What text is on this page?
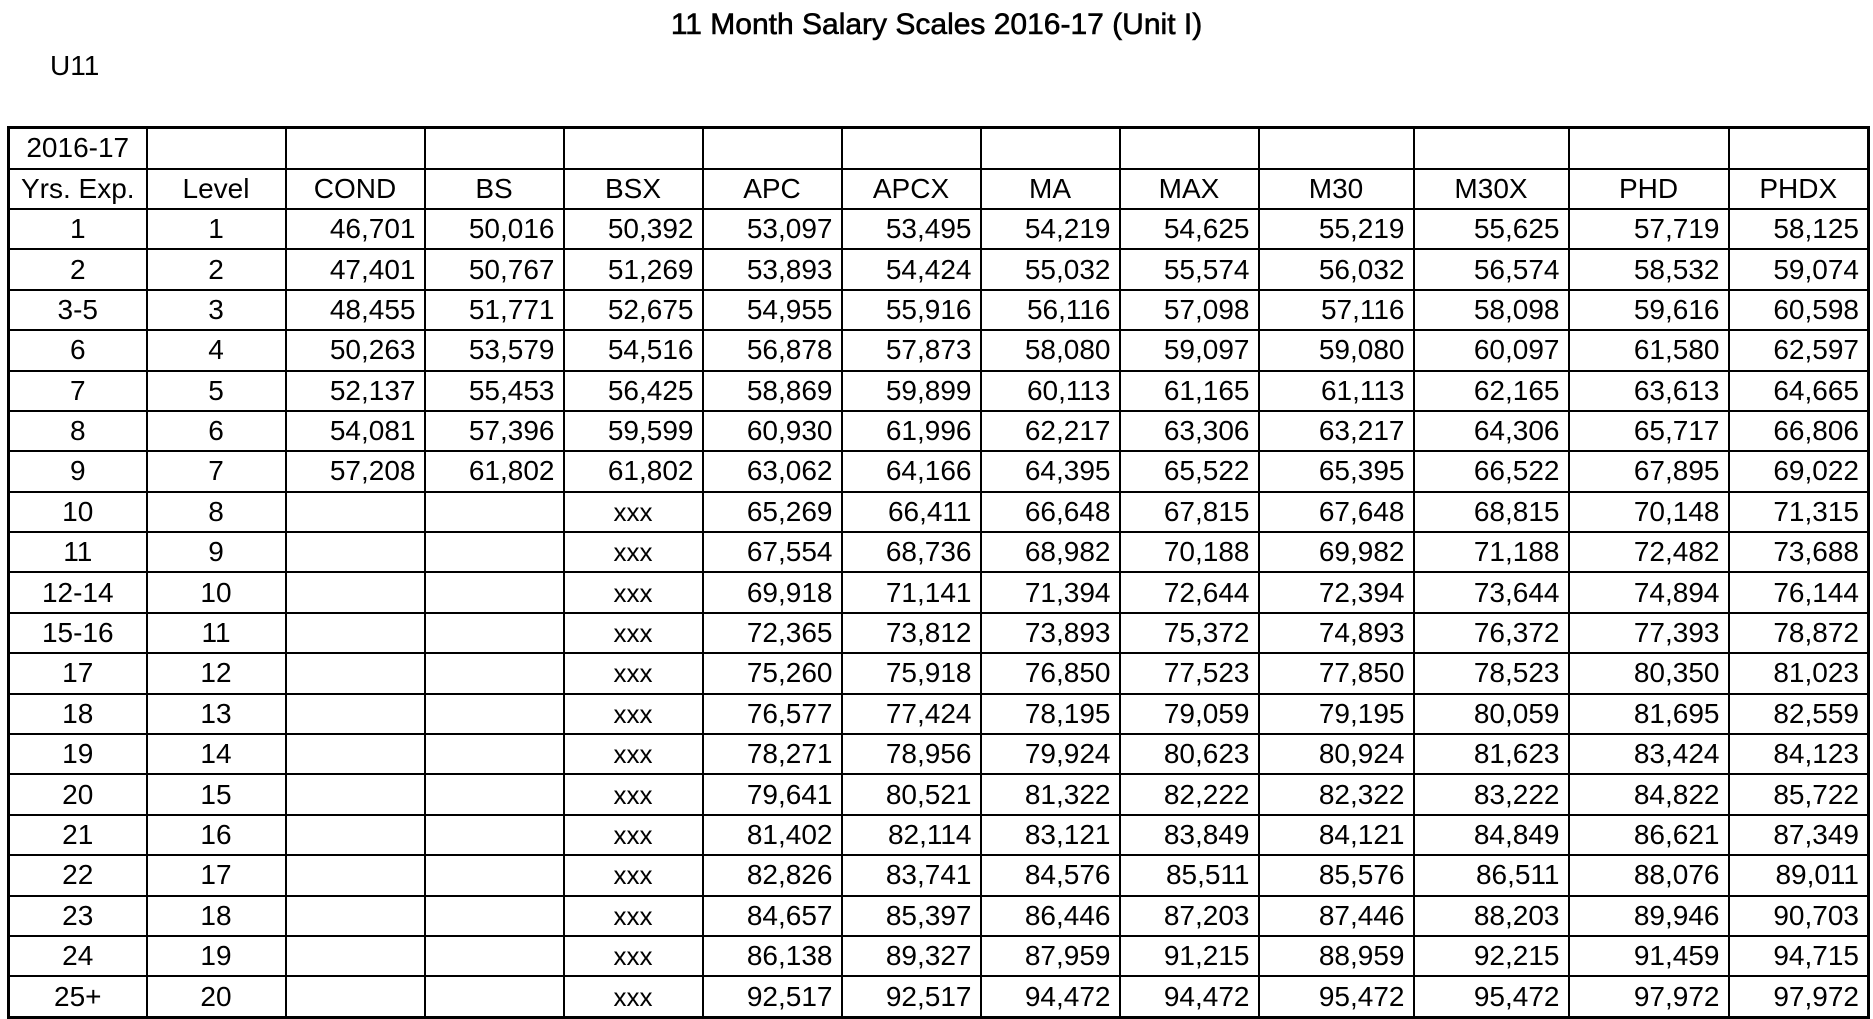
11 Month Salary Scales 2016-17 (Unit I)
U11
2016-17												
Yrs. Exp.	Level	COND	BS	BSX	APC	APCX	MA	MAX	M30	M30X	PHD	PHDX
1	1	46,701	50,016	50,392	53,097	53,495	54,219	54,625	55,219	55,625	57,719	58,125
2	2	47,401	50,767	51,269	53,893	54,424	55,032	55,574	56,032	56,574	58,532	59,074
3-5	3	48,455	51,771	52,675	54,955	55,916	56,116	57,098	57,116	58,098	59,616	60,598
6	4	50,263	53,579	54,516	56,878	57,873	58,080	59,097	59,080	60,097	61,580	62,597
7	5	52,137	55,453	56,425	58,869	59,899	60,113	61,165	61,113	62,165	63,613	64,665
8	6	54,081	57,396	59,599	60,930	61,996	62,217	63,306	63,217	64,306	65,717	66,806
9	7	57,208	61,802	61,802	63,062	64,166	64,395	65,522	65,395	66,522	67,895	69,022
10	8			xxx	65,269	66,411	66,648	67,815	67,648	68,815	70,148	71,315
11	9			xxx	67,554	68,736	68,982	70,188	69,982	71,188	72,482	73,688
12-14	10			xxx	69,918	71,141	71,394	72,644	72,394	73,644	74,894	76,144
15-16	11			xxx	72,365	73,812	73,893	75,372	74,893	76,372	77,393	78,872
17	12			xxx	75,260	75,918	76,850	77,523	77,850	78,523	80,350	81,023
18	13			xxx	76,577	77,424	78,195	79,059	79,195	80,059	81,695	82,559
19	14			xxx	78,271	78,956	79,924	80,623	80,924	81,623	83,424	84,123
20	15			xxx	79,641	80,521	81,322	82,222	82,322	83,222	84,822	85,722
21	16			xxx	81,402	82,114	83,121	83,849	84,121	84,849	86,621	87,349
22	17			xxx	82,826	83,741	84,576	85,511	85,576	86,511	88,076	89,011
23	18			xxx	84,657	85,397	86,446	87,203	87,446	88,203	89,946	90,703
24	19			xxx	86,138	89,327	87,959	91,215	88,959	92,215	91,459	94,715
25+	20			xxx	92,517	92,517	94,472	94,472	95,472	95,472	97,972	97,972
